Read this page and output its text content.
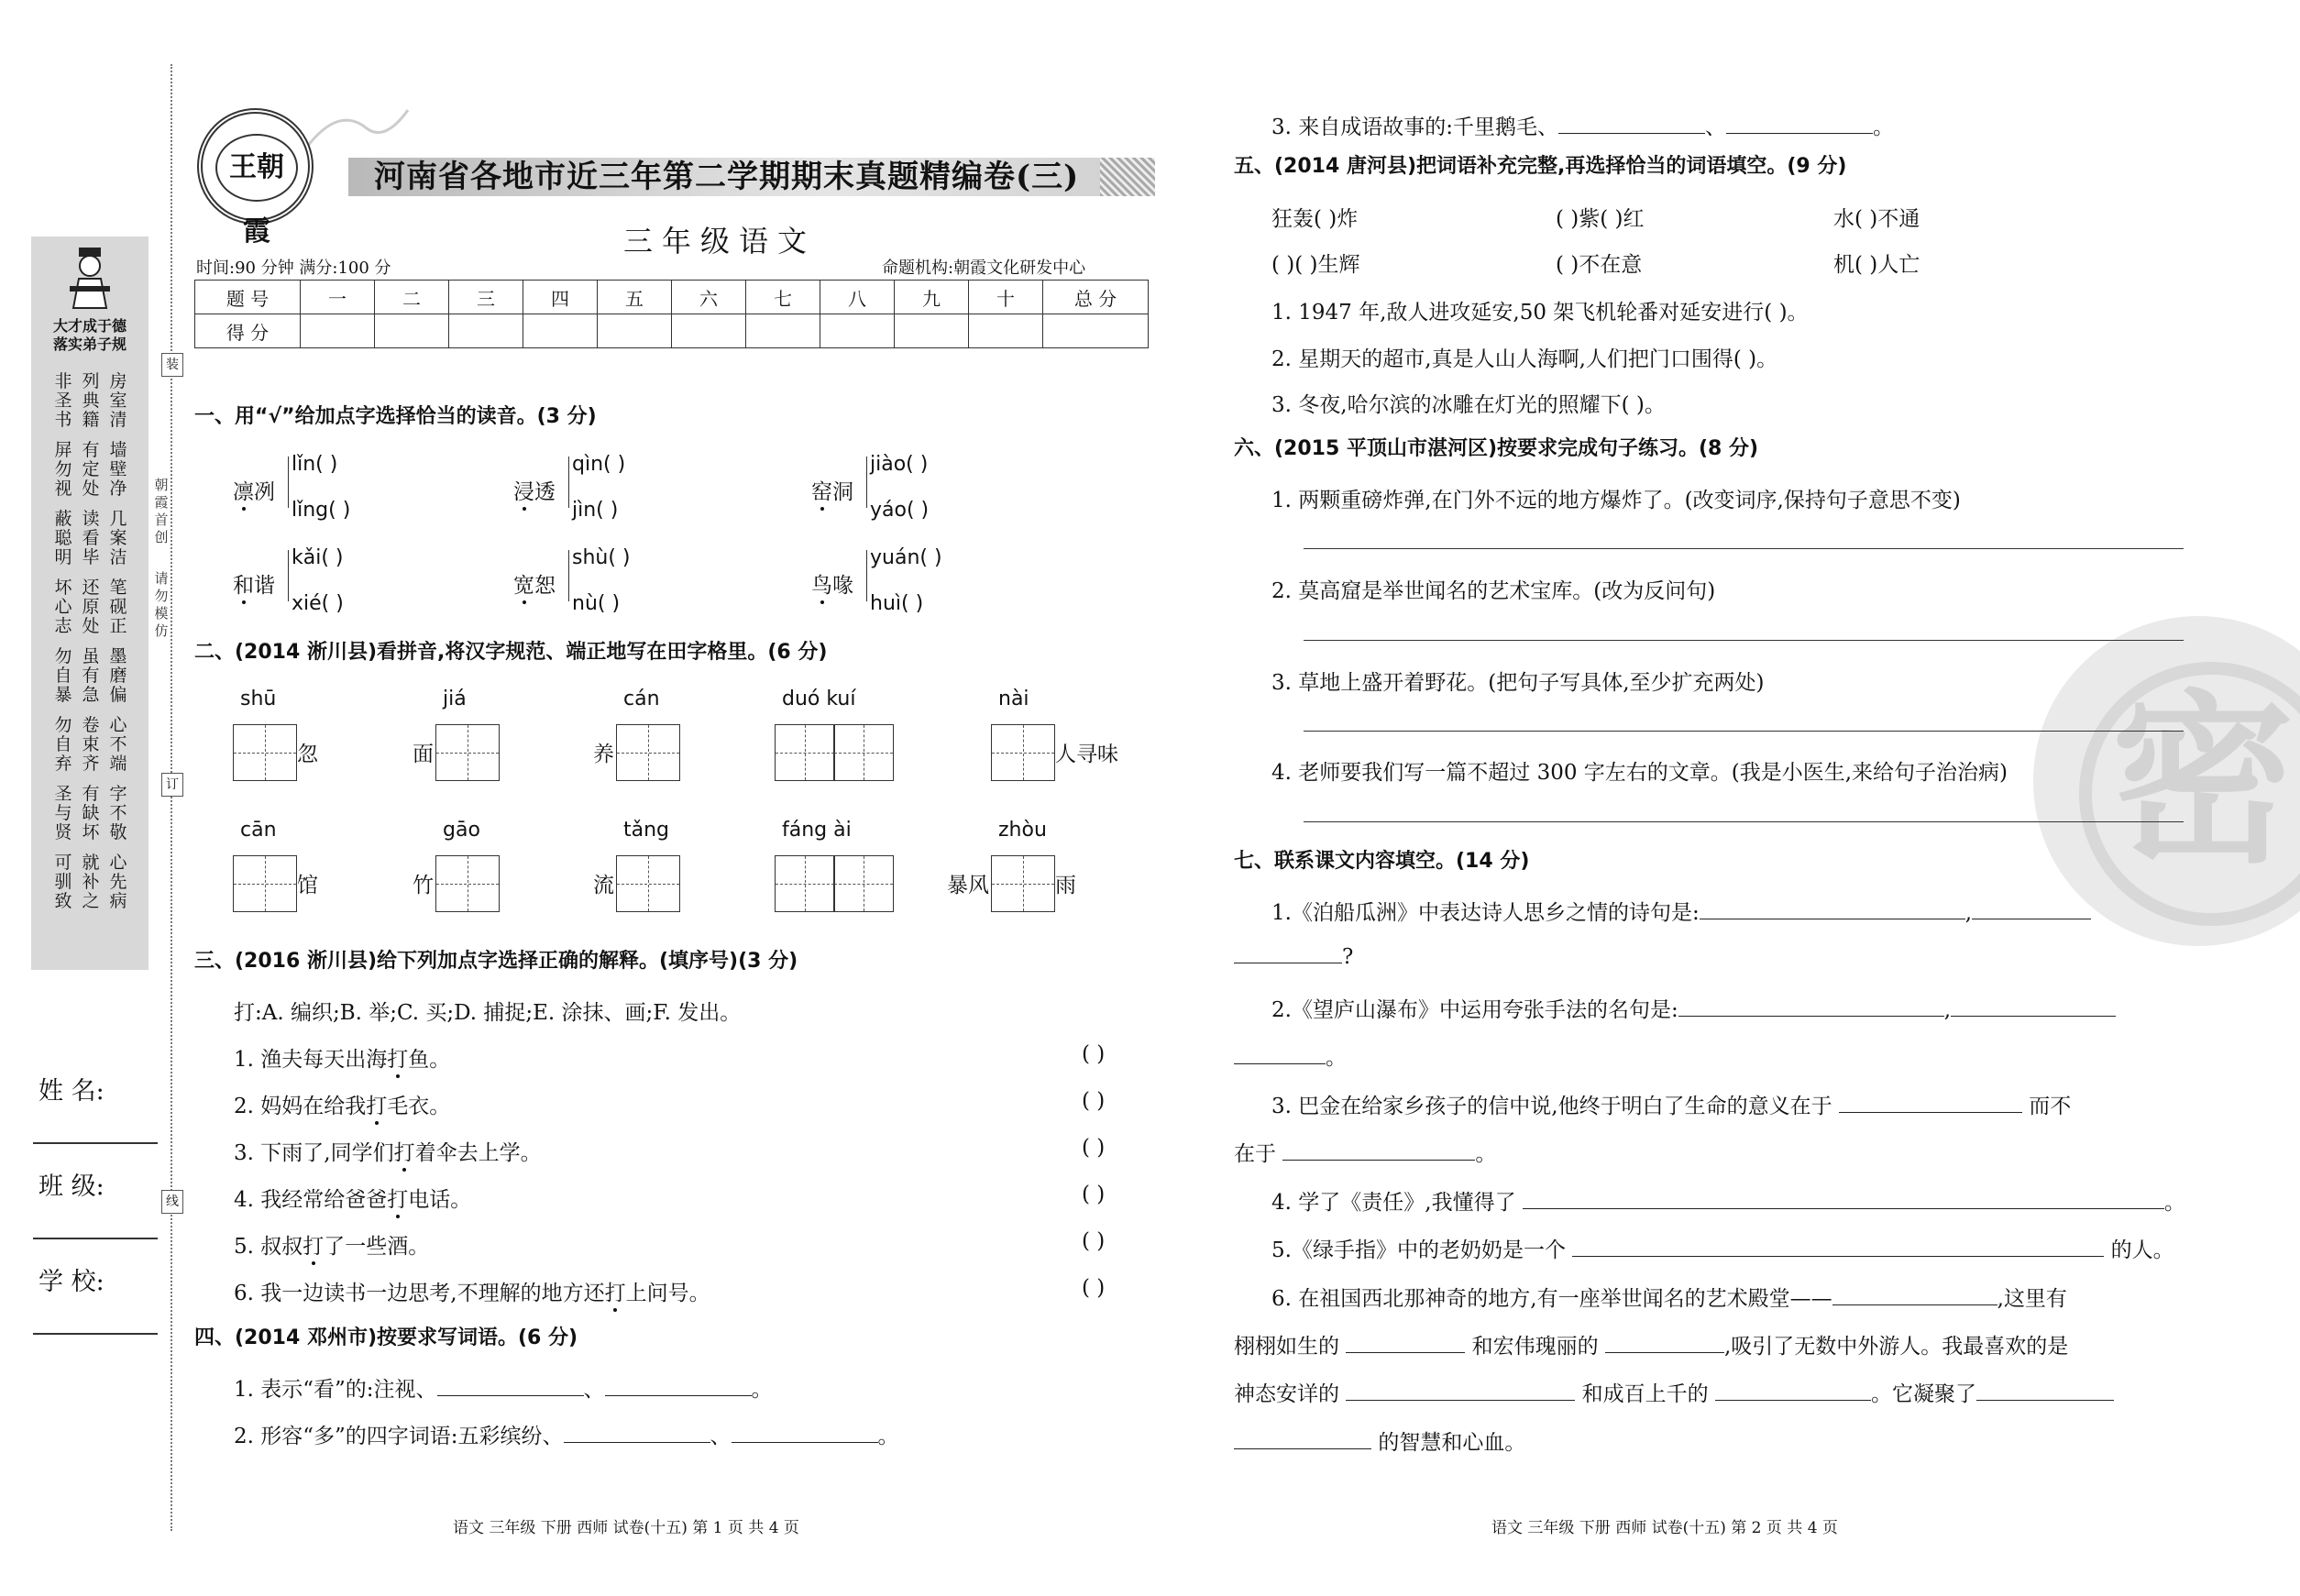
大才成于德
落实弟子规
非圣书列典籍房室清
屏勿视有定处墙壁净
蔽聪明读看毕几案洁
坏心志还原处笔砚正
勿自暴虽有急墨磨偏
勿自弃卷束齐心不端
圣与贤有缺坏字不敬
可驯致就补之心先病
装
订
线
朝霞首创
请勿模仿
姓 名:
班 级:
学 校:
王朝霞
河南省各地市近三年第二学期期末真题精编卷(三)
三年级语文
时间:90 分钟 满分:100 分	命题机构:朝霞文化研发中心
题 号	一	二	三	四	五	六	七	八	九	十	总 分
得 分											
一、用“√”给加点字选择恰当的读音。(3 分)
凛冽
lǐn( )
lǐng( )
浸透
qìn( )
jìn( )
窑洞
jiào( )
yáo( )
和谐
kǎi( )
xié( )
宽恕
shù( )
nù( )
鸟喙
yuán( )
huì( )
二、(2014 淅川县)看拼音,将汉字规范、端正地写在田字格里。(6 分)
shū
忽
jiá
面
cán
养
duó kuí	nài
人寻味
cān
馆
gāo
竹
tǎng
流
fáng ài	zhòu
暴风	雨
三、(2016 淅川县)给下列加点字选择正确的解释。(填序号)(3 分)
打:A. 编织;B. 举;C. 买;D. 捕捉;E. 涂抹、画;F. 发出。
1. 渔夫每天出海打鱼。	( )
2. 妈妈在给我打毛衣。	( )
3. 下雨了,同学们打着伞去上学。	( )
4. 我经常给爸爸打电话。	( )
5. 叔叔打了一些酒。	( )
6. 我一边读书一边思考,不理解的地方还打上问号。	( )
四、(2014 邓州市)按要求写词语。(6 分)
1. 表示“看”的:注视、	、	。
2. 形容“多”的四字词语:五彩缤纷、	、	。
语文 三年级 下册 西师 试卷(十五) 第 1 页 共 4 页
密
3. 来自成语故事的:千里鹅毛、	、	。
五、(2014 唐河县)把词语补充完整,再选择恰当的词语填空。(9 分)
狂轰( )炸	( )紫( )红	水( )不通
( )( )生辉	( )不在意	机( )人亡
1. 1947 年,敌人进攻延安,50 架飞机轮番对延安进行( )。
2. 星期天的超市,真是人山人海啊,人们把门口围得( )。
3. 冬夜,哈尔滨的冰雕在灯光的照耀下( )。
六、(2015 平顶山市湛河区)按要求完成句子练习。(8 分)
1. 两颗重磅炸弹,在门外不远的地方爆炸了。(改变词序,保持句子意思不变)
2. 莫高窟是举世闻名的艺术宝库。(改为反问句)
3. 草地上盛开着野花。(把句子写具体,至少扩充两处)
4. 老师要我们写一篇不超过 300 字左右的文章。(我是小医生,来给句子治治病)
七、联系课文内容填空。(14 分)
1.《泊船瓜洲》中表达诗人思乡之情的诗句是:	,
?
2.《望庐山瀑布》中运用夸张手法的名句是:	,
。
3. 巴金在给家乡孩子的信中说,他终于明白了生命的意义在于	而不
在于	。
4. 学了《责任》,我懂得了	。
5.《绿手指》中的老奶奶是一个	的人。
6. 在祖国西北那神奇的地方,有一座举世闻名的艺术殿堂——	,这里有
栩栩如生的	和宏伟瑰丽的	,吸引了无数中外游人。我最喜欢的是
神态安详的	和成百上千的	。它凝聚了
的智慧和心血。
语文 三年级 下册 西师 试卷(十五) 第 2 页 共 4 页
